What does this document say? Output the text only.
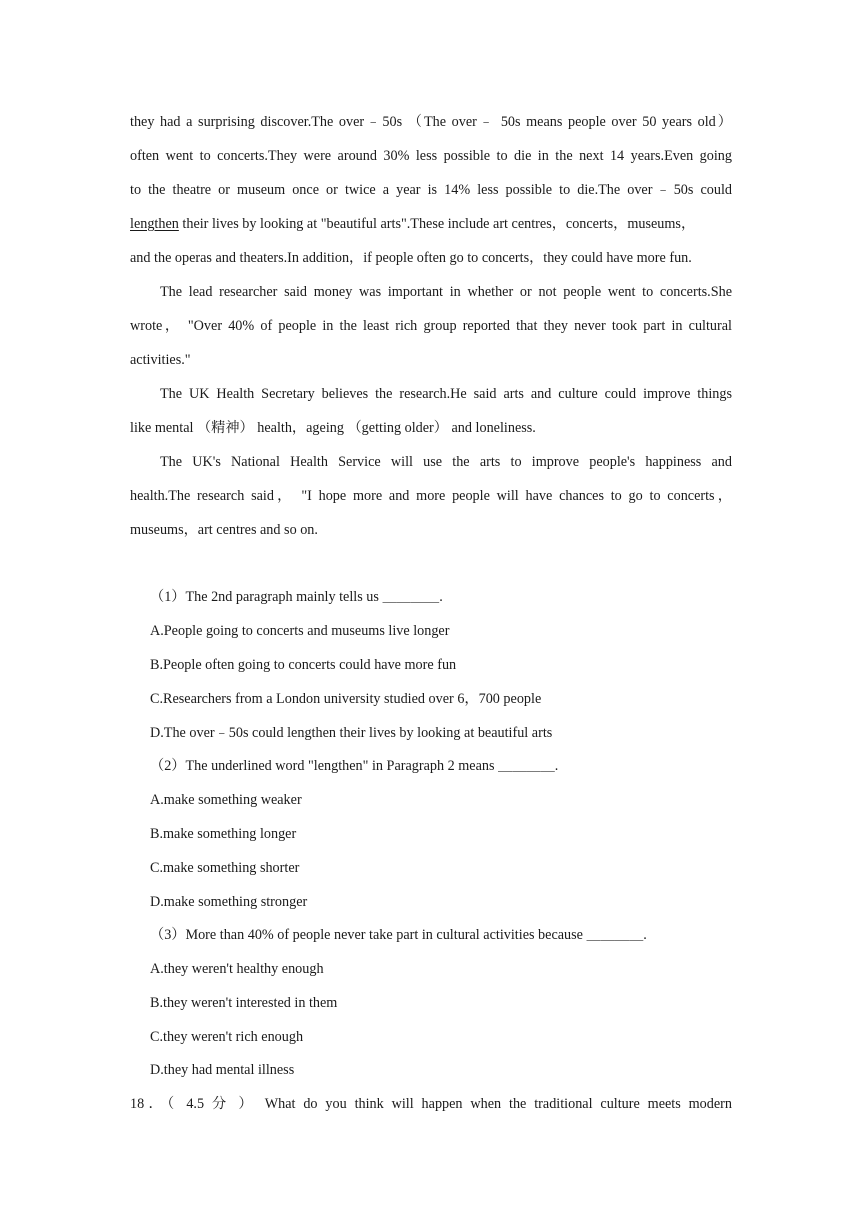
they had a surprising discover.The over﹣50s （The over﹣ 50s means people over 50 years old）
often went to concerts.They were around 30% less possible to die in the next 14 years.Even going
to the theatre or museum once or twice a year is 14% less possible to die.The over﹣50s could
lengthen their lives by looking at "beautiful arts".These include art centres，concerts，museums，
and the operas and theaters.In addition，if people often go to concerts，they could have more fun.
The lead researcher said money was important in whether or not people went to concerts.She
wrote， "Over 40% of people in the least rich group reported that they never took part in cultural
activities."
The UK Health Secretary believes the research.He said arts and culture could improve things
like mental （精神） health，ageing （getting older） and loneliness.
The UK's National Health Service will use the arts to improve people's happiness and
health.The research said， "I hope more and more people will have chances to go to concerts，
museums，art centres and so on.
（1）The 2nd paragraph mainly tells us ＿＿＿＿.
A.People going to concerts and museums live longer
B.People often going to concerts could have more fun
C.Researchers from a London university studied over 6，700 people
D.The over﹣50s could lengthen their lives by looking at beautiful arts
（2）The underlined word "lengthen" in Paragraph 2 means ＿＿＿＿.
A.make something weaker
B.make something longer
C.make something shorter
D.make something stronger
（3）More than 40% of people never take part in cultural activities because ＿＿＿＿.
A.they weren't healthy enough
B.they weren't interested in them
C.they weren't rich enough
D.they had mental illness
18．（ 4.5 分 ） What do you think will happen when the traditional culture meets modern
